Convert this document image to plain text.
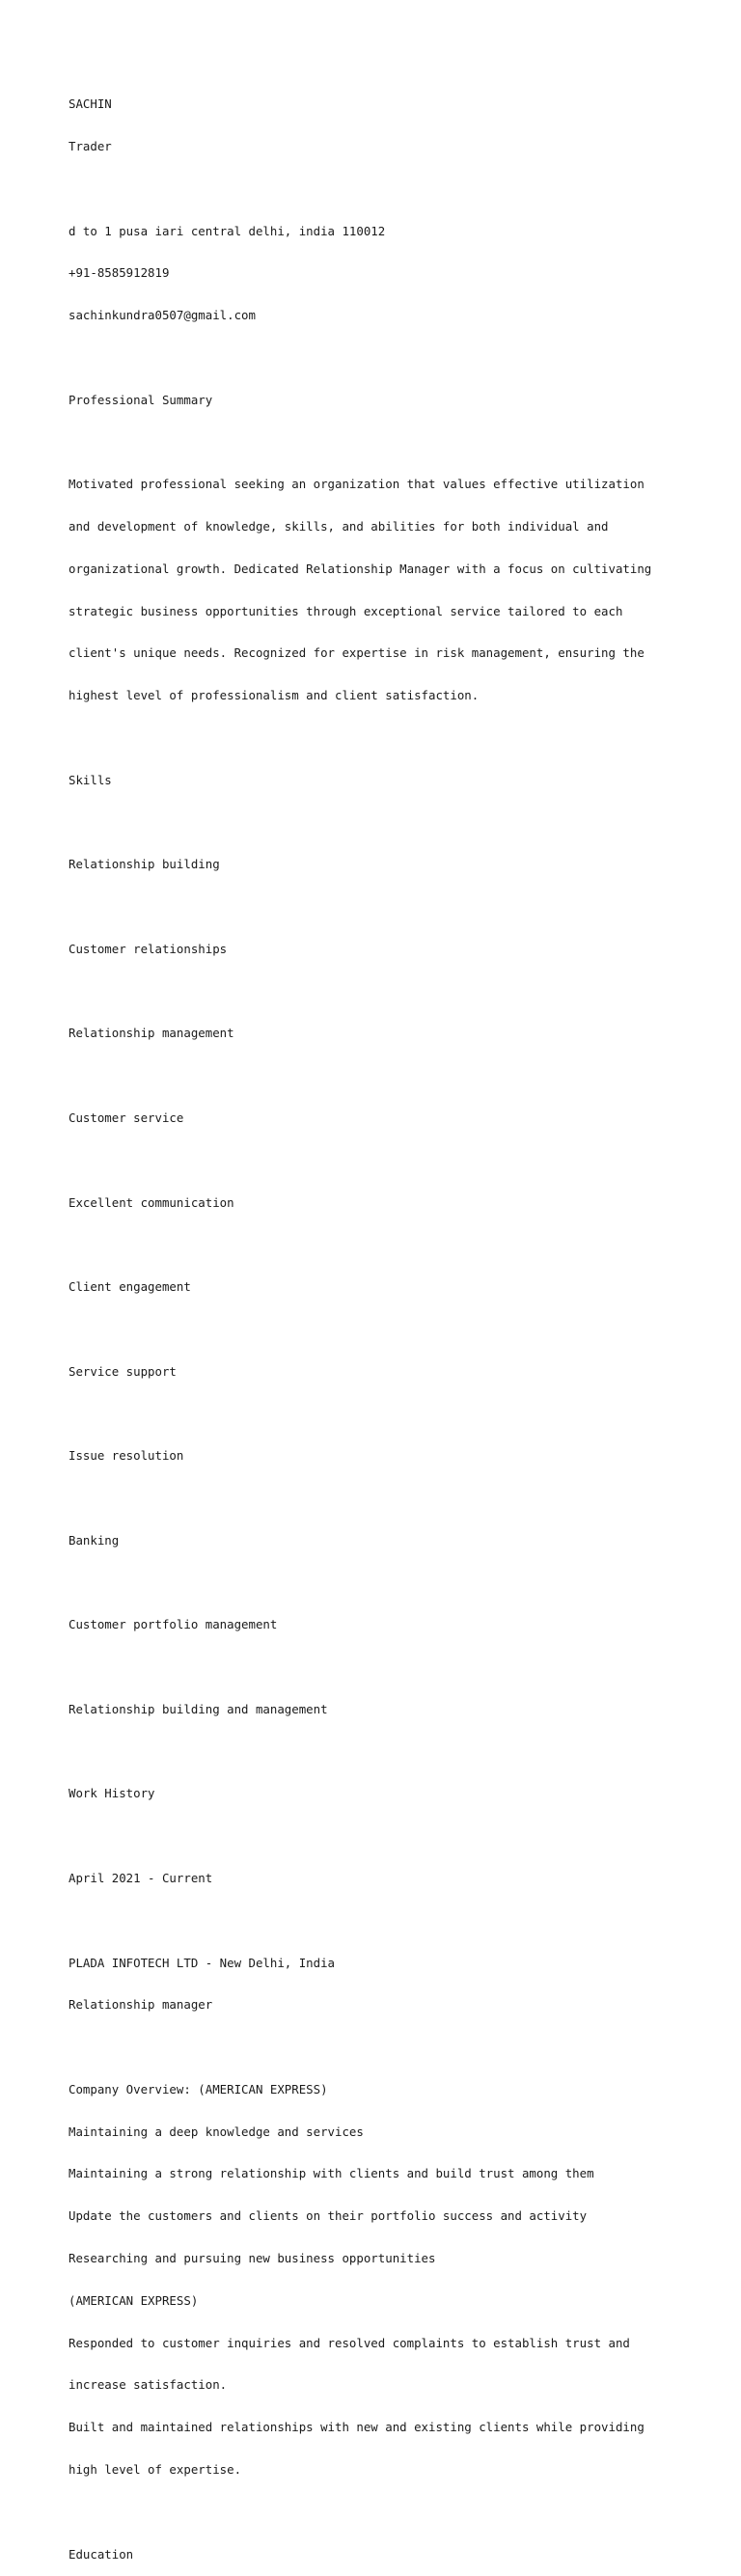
SACHIN

Trader

d to 1 pusa iari central delhi, india 110012

+91-8585912819

sachinkundra0507@gmail.com

Professional Summary

Motivated professional seeking an organization that values effective utilization

and development of knowledge, skills, and abilities for both individual and

organizational growth. Dedicated Relationship Manager with a focus on cultivating

strategic business opportunities through exceptional service tailored to each

client's unique needs. Recognized for expertise in risk management, ensuring the

highest level of professionalism and client satisfaction.

Skills

Relationship building

Customer relationships

Relationship management

Customer service

Excellent communication

Client engagement

Service support

Issue resolution

Banking

Customer portfolio management

Relationship building and management

Work History

April 2021 - Current

PLADA INFOTECH LTD - New Delhi, India

Relationship manager

Company Overview: (AMERICAN EXPRESS)

Maintaining a deep knowledge and services

Maintaining a strong relationship with clients and build trust among them

Update the customers and clients on their portfolio success and activity

Researching and pursuing new business opportunities

(AMERICAN EXPRESS)

Responded to customer inquiries and resolved complaints to establish trust and

increase satisfaction.

Built and maintained relationships with new and existing clients while providing

high level of expertise.

Education
